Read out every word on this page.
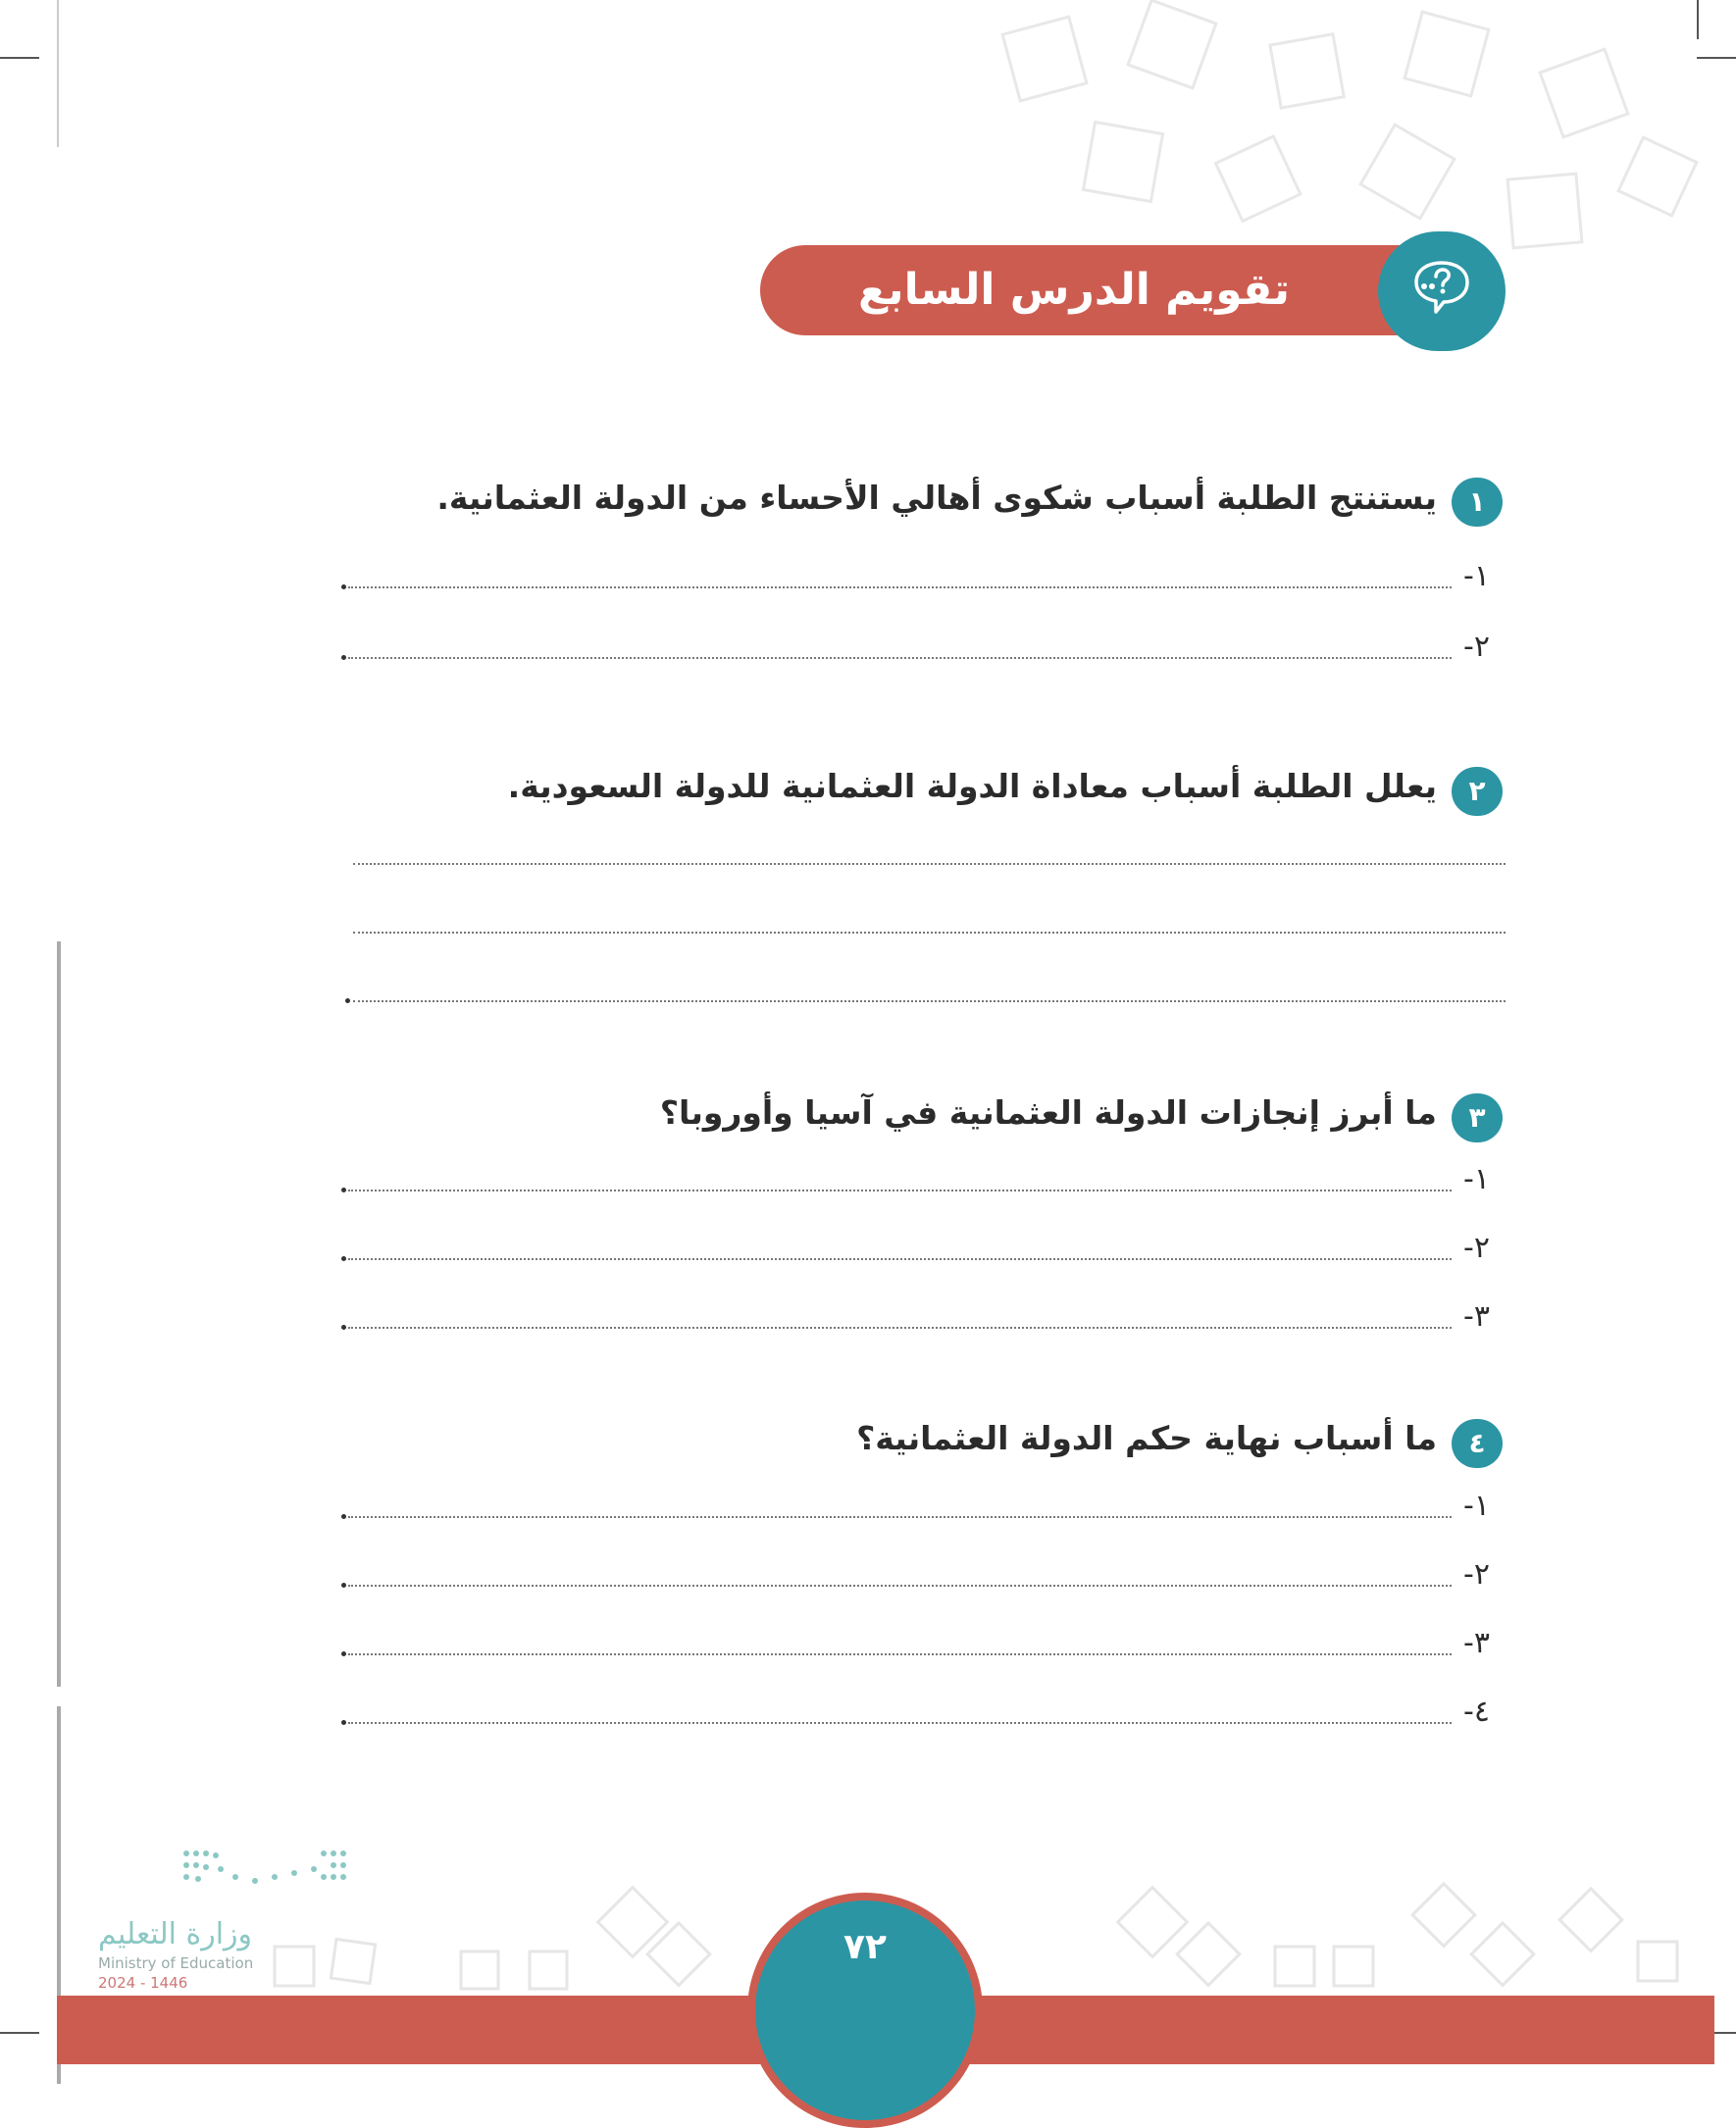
تقويم الدرس السابع
١
يستنتج الطلبة أسباب شكوى أهالي الأحساء من الدولة العثمانية.
١-
٢-
٢
يعلل الطلبة أسباب معاداة الدولة العثمانية للدولة السعودية.
٣
ما أبرز إنجازات الدولة العثمانية في آسيا وأوروبا؟
١-
٢-
٣-
٤
ما أسباب نهاية حكم الدولة العثمانية؟
١-
٢-
٣-
٤-
٧٢
وزارة التعليم
Ministry of Education
2024 - 1446
